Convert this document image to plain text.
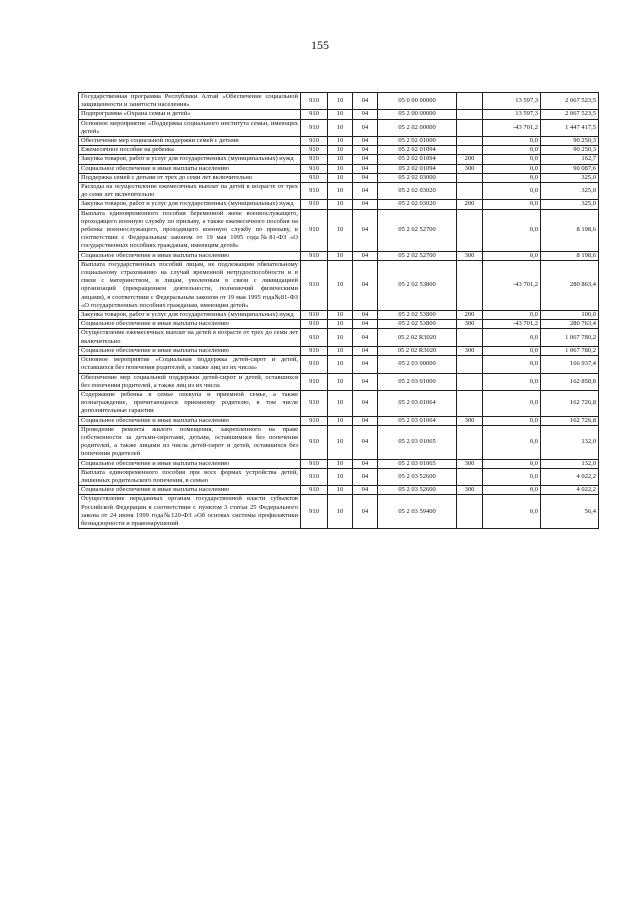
155
Государственная программа Республики Алтай «Обеспечение социальной защищенности и занятости населения»	910	10	04	05 0 00 00000		13 597,3	2 067 523,5
Подпрограмма «Охрана семьи и детей»	910	10	04	05 2 00 00000		13 597,3	2 067 523,5
Основное мероприятие «Поддержка социального института семьи, имеющих детей»	910	10	04	05 2 02 00000		-43 701,2	1 447 417,5
Обеспечение мер социальной поддержки семей с детьми	910	10	04	05 2 02 01000		0,0	90 250,3
Ежемесячное пособие на ребенка	910	10	04	05 2 02 01094		0,0	90 250,3
Закупка товаров, работ и услуг для государственных (муниципальных) нужд	910	10	04	05 2 02 01094	200	0,0	162,7
Социальное обеспечение и иные выплаты населению	910	10	04	05 2 02 01094	300	0,0	90 087,6
Поддержка семей с детьми от трех до семи лет включительно	910	10	04	05 2 02 03000		0,0	325,0
Расходы на осуществление ежемесячных выплат на детей в возрасте от трех до семи лет включительно	910	10	04	05 2 02 03020		0,0	325,0
Закупка товаров, работ и услуг для государственных (муниципальных) нужд	910	10	04	05 2 02 03020	200	0,0	325,0
Выплата единовременного пособия беременной жене военнослужащего, проходящего военную службу по призыву, а также ежемесячного пособия на ребенка военнослужащего, проходящего военную службу по призыву, в соответствии с Федеральным законом от 19 мая 1995 года№81-ФЗ «О государственных пособиях гражданам, имеющим детей»	910	10	04	05 2 02 52700		0,0	8 198,6
Социальное обеспечение и иные выплаты населению	910	10	04	05 2 02 52700	300	0,0	8 198,6
Выплата государственных пособий лицам, не подлежащим обязательному социальному страхованию на случай временной нетрудоспособности и в связи с материнством, и лицам, уволенным в связи с ликвидацией организаций (прекращением деятельности, полномочий физическими лицами), в соответствии с Федеральным законом от 19 мая 1995 года№81-ФЗ «О государственных пособиях гражданам, имеющим детей»	910	10	04	05 2 02 53800		-43 701,2	280 863,4
Закупка товаров, работ и услуг для государственных (муниципальных) нужд	910	10	04	05 2 02 53800	200	0,0	100,0
Социальное обеспечение и иные выплаты населению	910	10	04	05 2 02 53800	300	-43 701,2	280 763,4
Осуществление ежемесячных выплат на детей в возрасте от трех до семи лет включительно	910	10	04	05 2 02 R3020		0,0	1 067 780,2
Социальное обеспечение и иные выплаты населению	910	10	04	05 2 02 R3020	300	0,0	1 067 780,2
Основное мероприятие «Социальная поддержка детей-сирот и детей, оставшихся без попечения родителей, а также лиц из их числа»	910	10	04	05 2 03 00000		0,0	166 937,4
Обеспечение мер социальной поддержки детей-сирот и детей, оставшихся без попечения родителей, а также лиц из их числа	910	10	04	05 2 03 01000		0,0	162 858,8
Содержание ребенка в семье опекуна и приемной семье, а также вознаграждение, причитающееся приемному родителю, в том числе дополнительные гарантии	910	10	04	05 2 03 01064		0,0	162 726,8
Социальное обеспечение и иные выплаты населению	910	10	04	05 2 03 01064	300	0,0	162 726,8
Проведение ремонта жилого помещения, закрепленного на праве собственности за детьми-сиротами, детьми, оставшимися без попечения родителей, а также лицами из числа детей-сирот и детей, оставшихся без попечения родителей	910	10	04	05 2 03 01065		0,0	132,0
Социальное обеспечение и иные выплаты населению	910	10	04	05 2 03 01065	300	0,0	132,0
Выплата единовременного пособия при всех формах устройства детей, лишенных родительского попечения, в семью	910	10	04	05 2 03 52600		0,0	4 022,2
Социальное обеспечение и иные выплаты населению	910	10	04	05 2 03 52600	300	0,0	4 022,2
Осуществление переданных органам государственной власти субъектов Российской Федерации в соответствии с пунктом 3 статьи 25 Федерального закона от 24 июня 1999 года№120-ФЗ «Об основах системы профилактики безнадзорности и правонарушений	910	10	04	05 2 03 59400		0,0	56,4
